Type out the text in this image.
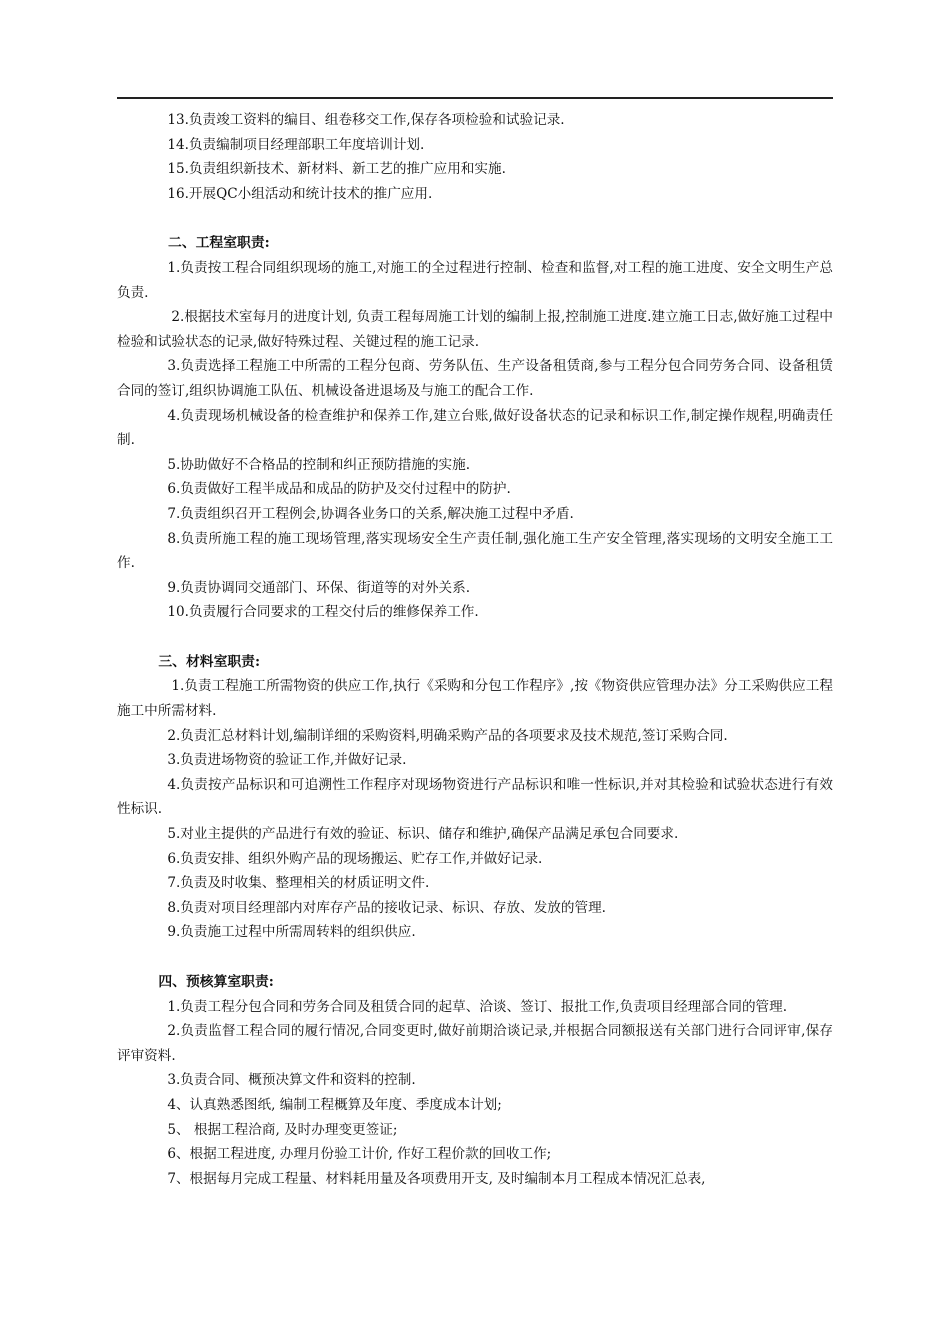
13.负责竣工资料的编目、组卷移交工作,保存各项检验和试验记录.

14.负责编制项目经理部职工年度培训计划.

15.负责组织新技术、新材料、新工艺的推广应用和实施.

16.开展QC小组活动和统计技术的推广应用.

二、工程室职责:

1.负责按工程合同组织现场的施工,对施工的全过程进行控制、检查和监督,对工程的施工进度、安全文明生产总负责.

2.根据技术室每月的进度计划, 负责工程每周施工计划的编制上报,控制施工进度.建立施工日志,做好施工过程中检验和试验状态的记录,做好特殊过程、关键过程的施工记录.

3.负责选择工程施工中所需的工程分包商、劳务队伍、生产设备租赁商,参与工程分包合同劳务合同、设备租赁合同的签订,组织协调施工队伍、机械设备进退场及与施工的配合工作.

4.负责现场机械设备的检查维护和保养工作,建立台账,做好设备状态的记录和标识工作,制定操作规程,明确责任制.

5.协助做好不合格品的控制和纠正预防措施的实施.

6.负责做好工程半成品和成品的防护及交付过程中的防护.

7.负责组织召开工程例会,协调各业务口的关系,解决施工过程中矛盾.

8.负责所施工程的施工现场管理,落实现场安全生产责任制,强化施工生产安全管理,落实现场的文明安全施工工作.

9.负责协调同交通部门、环保、街道等的对外关系.

10.负责履行合同要求的工程交付后的维修保养工作.

三、材料室职责:

1.负责工程施工所需物资的供应工作,执行《采购和分包工作程序》,按《物资供应管理办法》分工采购供应工程施工中所需材料.

2.负责汇总材料计划,编制详细的采购资料,明确采购产品的各项要求及技术规范,签订采购合同.

3.负责进场物资的验证工作,并做好记录.

4.负责按产品标识和可追溯性工作程序对现场物资进行产品标识和唯一性标识,并对其检验和试验状态进行有效性标识.

5.对业主提供的产品进行有效的验证、标识、储存和维护,确保产品满足承包合同要求.

6.负责安排、组织外购产品的现场搬运、贮存工作,并做好记录.

7.负责及时收集、整理相关的材质证明文件.

8.负责对项目经理部内对库存产品的接收记录、标识、存放、发放的管理.

9.负责施工过程中所需周转料的组织供应.

四、预核算室职责:

1.负责工程分包合同和劳务合同及租赁合同的起草、洽谈、签订、报批工作,负责项目经理部合同的管理.

2.负责监督工程合同的履行情况,合同变更时,做好前期洽谈记录,并根据合同额报送有关部门进行合同评审,保存评审资料.

3.负责合同、概预决算文件和资料的控制.

4、认真熟悉图纸, 编制工程概算及年度、季度成本计划;

5、 根据工程洽商, 及时办理变更签证;

6、根据工程进度, 办理月份验工计价, 作好工程价款的回收工作;

7、根据每月完成工程量、材料耗用量及各项费用开支, 及时编制本月工程成本情况汇总表,
